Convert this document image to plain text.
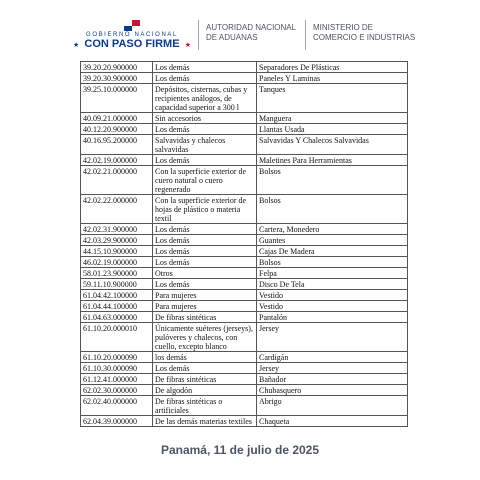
GOBIERNO NACIONAL
★ CON PASO FIRME ★
AUTORIDAD NACIONAL
DE ADUANAS
MINISTERIO DE
COMERCIO E INDUSTRIAS
39.20.20.900000	Los demás	Separadores De Plásticas
39.20.30.900000	Los demás	Paneles Y Laminas
39.25.10.000000	Depósitos, cisternas, cubas y recipientes análogos, de capacidad superior a 300 l	Tanques
40.09.21.000000	Sin accesorios	Manguera
40.12.20.900000	Los demás	Llantas Usada
40.16.95.200000	Salvavidas y chalecos salvavidas	Salvavidas Y Chalecos Salvavidas
42.02.19.000000	Los demás	Maletines Para Herramientas
42.02.21.000000	Con la superficie exterior de cuero natural o cuero regenerado	Bolsos
42.02.22.000000	Con la superficie exterior de hojas de plástico o materia textil	Bolsos
42.02.31.900000	Los demás	Cartera, Monedero
42.03.29.900000	Los demás	Guantes
44.15.10.900000	Los demás	Cajas De Madera
46.02.19.000000	Los demás	Bolsos
58.01.23.900000	Otros	Felpa
59.11.10.900000	Los demás	Disco De Tela
61.04.42.100000	Para mujeres	Vestido
61.04.44.100000	Para mujeres	Vestido
61.04.63.000000	De fibras sintéticas	Pantalón
61.10.20.000010	Únicamente suéteres (jerseys), pulóveres y chalecos, con cuello, excepto blanco	Jersey
61.10.20.000090	los demás	Cardigán
61.10.30.000090	Los demás	Jersey
61.12.41.000000	De fibras sintéticas	Bañador
62.02.30.000000	De algodón	Chubasquero
62.02.40.000000	De fibras sintéticas o artificiales	Abrigo
62.04.39.000000	De las demás materias textiles	Chaqueta
Panamá, 11 de julio de 2025
